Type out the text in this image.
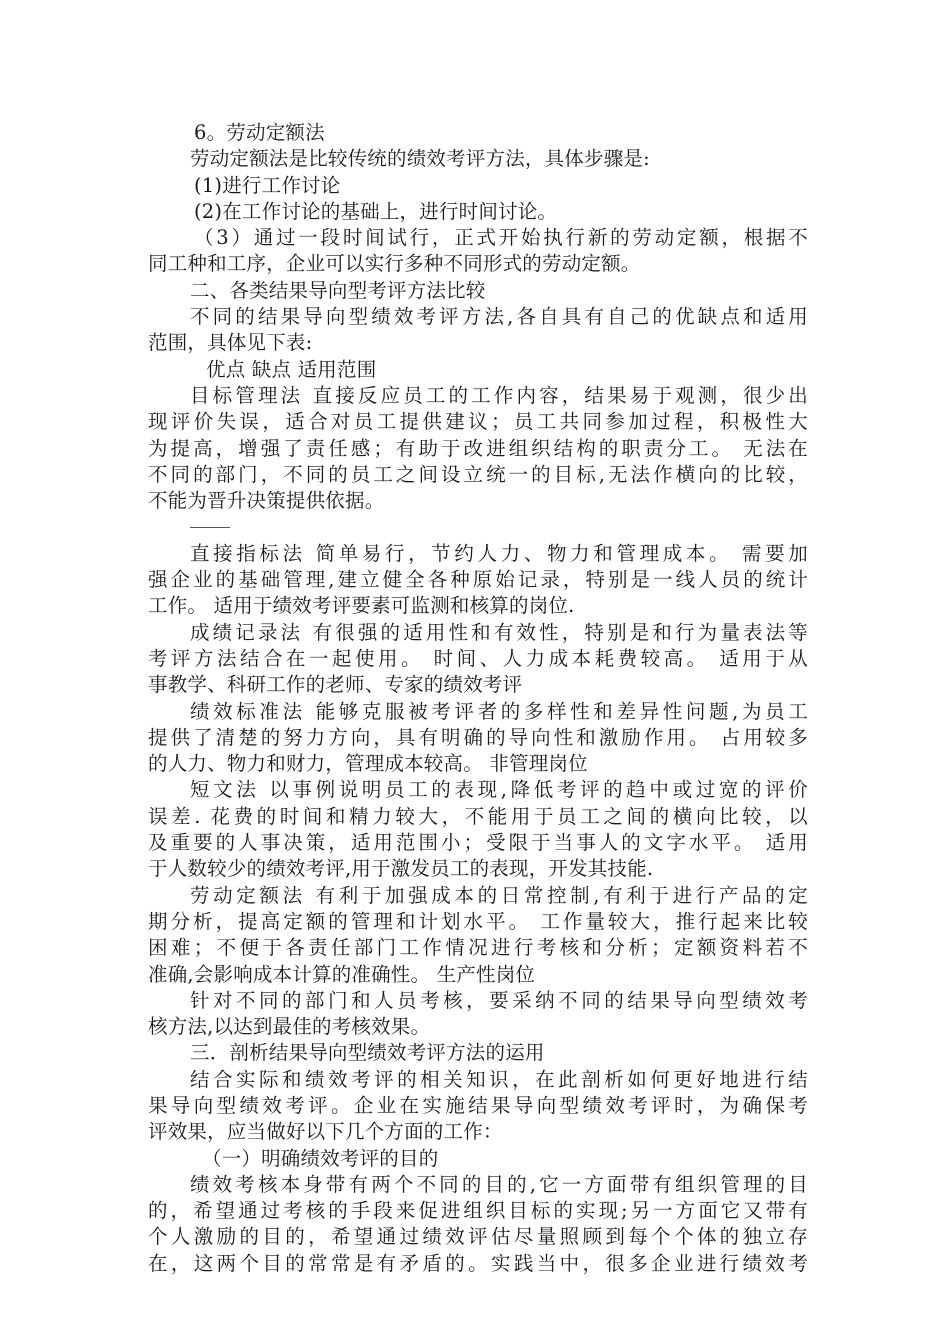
6。劳动定额法
劳动定额法是比较传统的绩效考评方法，具体步骤是:
(1)进行工作讨论
(2)在工作讨论的基础上，进行时间讨论。
（3）通过一段时间试行，正式开始执行新的劳动定额，根据不
同工种和工序，企业可以实行多种不同形式的劳动定额。
二、各类结果导向型考评方法比较
不同的结果导向型绩效考评方法,各自具有自己的优缺点和适用
范围，具体见下表:
优点 缺点 适用范围
目标管理法 直接反应员工的工作内容，结果易于观测，很少出
现评价失误，适合对员工提供建议；员工共同参加过程，积极性大
为提高，增强了责任感；有助于改进组织结构的职责分工。 无法在
不同的部门，不同的员工之间设立统一的目标,无法作横向的比较，
不能为晋升决策提供依据。
直接指标法 简单易行，节约人力、物力和管理成本。 需要加
强企业的基础管理,建立健全各种原始记录，特别是一线人员的统计
工作。 适用于绩效考评要素可监测和核算的岗位.
成绩记录法 有很强的适用性和有效性，特别是和行为量表法等
考评方法结合在一起使用。 时间、人力成本耗费较高。 适用于从
事教学、科研工作的老师、专家的绩效考评
绩效标准法 能够克服被考评者的多样性和差异性问题,为员工
提供了清楚的努力方向，具有明确的导向性和激励作用。 占用较多
的人力、物力和财力，管理成本较高。 非管理岗位
短文法 以事例说明员工的表现,降低考评的趋中或过宽的评价
误差. 花费的时间和精力较大，不能用于员工之间的横向比较，以
及重要的人事决策，适用范围小；受限于当事人的文字水平。 适用
于人数较少的绩效考评,用于激发员工的表现，开发其技能.
劳动定额法 有利于加强成本的日常控制,有利于进行产品的定
期分析，提高定额的管理和计划水平。 工作量较大，推行起来比较
困难；不便于各责任部门工作情况进行考核和分析；定额资料若不
准确,会影响成本计算的准确性。 生产性岗位
针对不同的部门和人员考核，要采纳不同的结果导向型绩效考
核方法,以达到最佳的考核效果。
三．剖析结果导向型绩效考评方法的运用
结合实际和绩效考评的相关知识，在此剖析如何更好地进行结
果导向型绩效考评。企业在实施结果导向型绩效考评时，为确保考
评效果，应当做好以下几个方面的工作：
（一）明确绩效考评的目的
绩效考核本身带有两个不同的目的,它一方面带有组织管理的目
的，希望通过考核的手段来促进组织目标的实现;另一方面它又带有
个人激励的目的，希望通过绩效评估尽量照顾到每个个体的独立存
在，这两个目的常常是有矛盾的。实践当中，很多企业进行绩效考
